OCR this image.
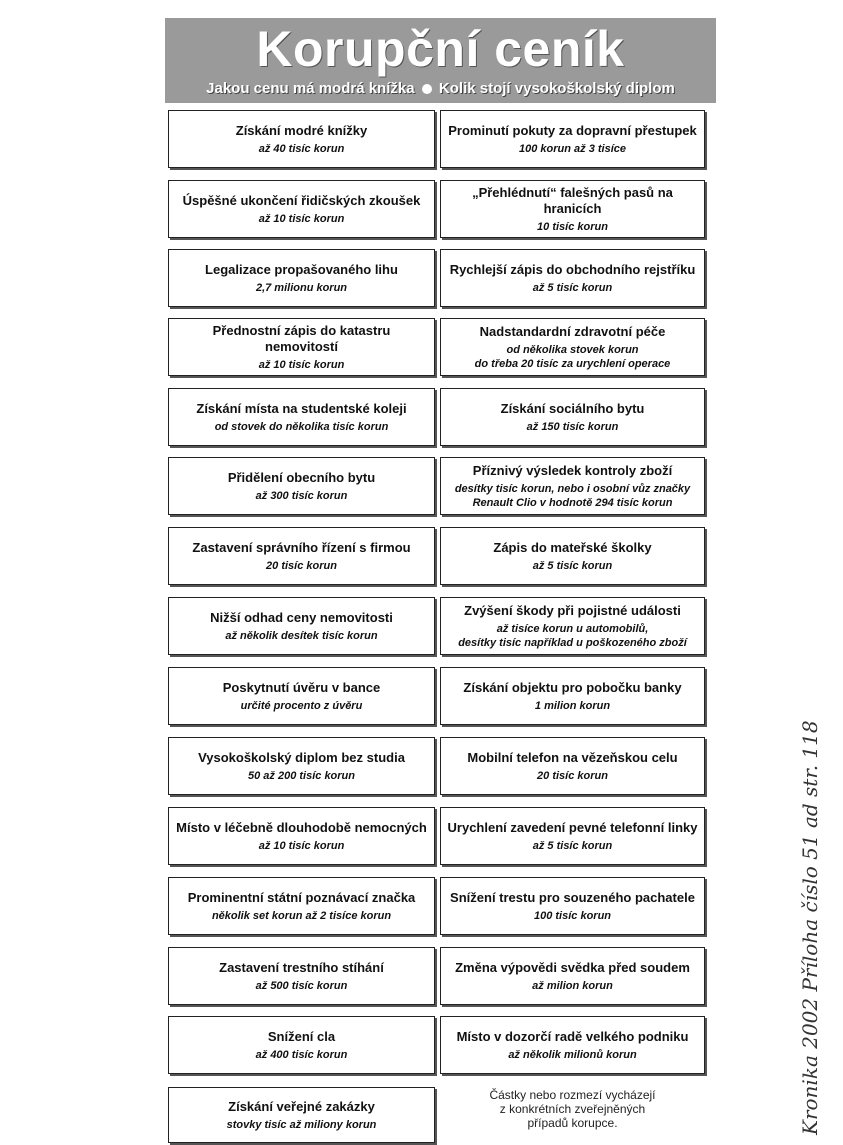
Korupční ceník
Jakou cenu má modrá knížka Kolik stojí vysokoškolský diplom
Získání modré knížky
až 40 tisíc korun
Prominutí pokuty za dopravní přestupek
100 korun až 3 tisíce
Úspěšné ukončení řidičských zkoušek
až 10 tisíc korun
„Přehlédnutí“ falešných pasů na hranicích
10 tisíc korun
Legalizace propašovaného lihu
2,7 milionu korun
Rychlejší zápis do obchodního rejstříku
až 5 tisíc korun
Přednostní zápis do katastru nemovitostí
až 10 tisíc korun
Nadstandardní zdravotní péče
od několika stovek korun
do třeba 20 tisíc za urychlení operace
Získání místa na studentské koleji
od stovek do několika tisíc korun
Získání sociálního bytu
až 150 tisíc korun
Přidělení obecního bytu
až 300 tisíc korun
Příznivý výsledek kontroly zboží
desítky tisíc korun, nebo i osobní vůz značky
Renault Clio v hodnotě 294 tisíc korun
Zastavení správního řízení s firmou
20 tisíc korun
Zápis do mateřské školky
až 5 tisíc korun
Nižší odhad ceny nemovitosti
až několik desítek tisíc korun
Zvýšení škody při pojistné události
až tisíce korun u automobilů,
desítky tisíc například u poškozeného zboží
Poskytnutí úvěru v bance
určité procento z úvěru
Získání objektu pro pobočku banky
1 milion korun
Vysokoškolský diplom bez studia
50 až 200 tisíc korun
Mobilní telefon na vězeňskou celu
20 tisíc korun
Místo v léčebně dlouhodobě nemocných
až 10 tisíc korun
Urychlení zavedení pevné telefonní linky
až 5 tisíc korun
Prominentní státní poznávací značka
několik set korun až 2 tisíce korun
Snížení trestu pro souzeného pachatele
100 tisíc korun
Zastavení trestního stíhání
až 500 tisíc korun
Změna výpovědi svědka před soudem
až milion korun
Snížení cla
až 400 tisíc korun
Místo v dozorčí radě velkého podniku
až několik milionů korun
Získání veřejné zakázky
stovky tisíc až miliony korun
Částky nebo rozmezí vycházejí
z konkrétních zveřejněných
případů korupce.	Kronika 2002 Příloha číslo 51 ad str. 118
